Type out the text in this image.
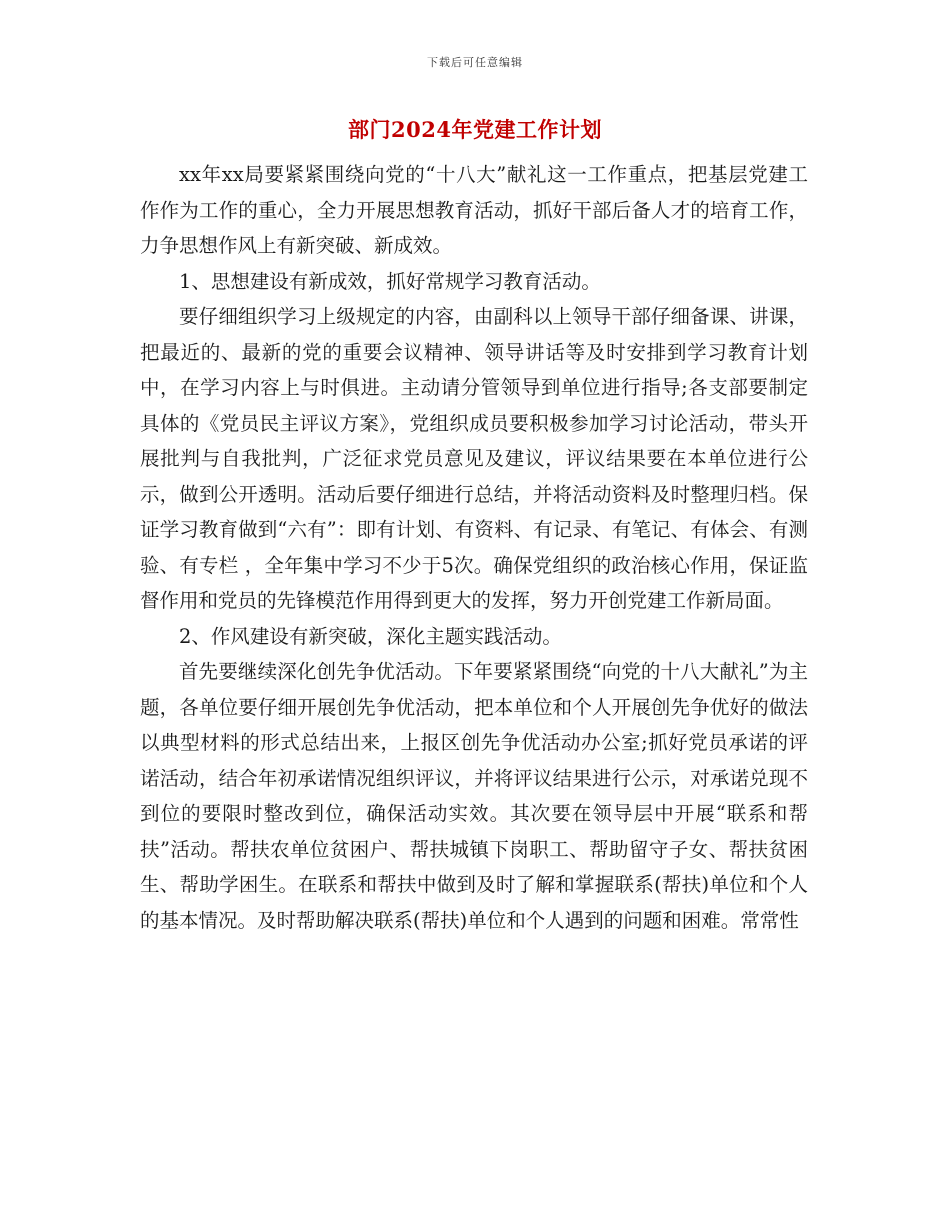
下载后可任意编辑
部门2024年党建工作计划

xx年xx局要紧紧围绕向党的“十八大”献礼这一工作重点，把基层党建工作作为工作的重心，全力开展思想教育活动，抓好干部后备人才的培育工作，力争思想作风上有新突破、新成效。

1、思想建设有新成效，抓好常规学习教育活动。

要仔细组织学习上级规定的内容，由副科以上领导干部仔细备课、讲课，把最近的、最新的党的重要会议精神、领导讲话等及时安排到学习教育计划中，在学习内容上与时俱进。主动请分管领导到单位进行指导;各支部要制定具体的《党员民主评议方案》，党组织成员要积极参加学习讨论活动，带头开展批判与自我批判，广泛征求党员意见及建议，评议结果要在本单位进行公示，做到公开透明。活动后要仔细进行总结，并将活动资料及时整理归档。保证学习教育做到“六有”：即有计划、有资料、有记录、有笔记、有体会、有测验、有专栏 ，全年集中学习不少于5次。确保党组织的政治核心作用，保证监督作用和党员的先锋模范作用得到更大的发挥，努力开创党建工作新局面。

2、作风建设有新突破，深化主题实践活动。

首先要继续深化创先争优活动。下年要紧紧围绕“向党的十八大献礼”为主题，各单位要仔细开展创先争优活动，把本单位和个人开展创先争优好的做法以典型材料的形式总结出来，上报区创先争优活动办公室;抓好党员承诺的评诺活动，结合年初承诺情况组织评议，并将评议结果进行公示，对承诺兑现不到位的要限时整改到位，确保活动实效。其次要在领导层中开展“联系和帮扶”活动。帮扶农单位贫困户、帮扶城镇下岗职工、帮助留守子女、帮扶贫困生、帮助学困生。在联系和帮扶中做到及时了解和掌握联系(帮扶)单位和个人的基本情况。及时帮助解决联系(帮扶)单位和个人遇到的问题和困难。常常性
